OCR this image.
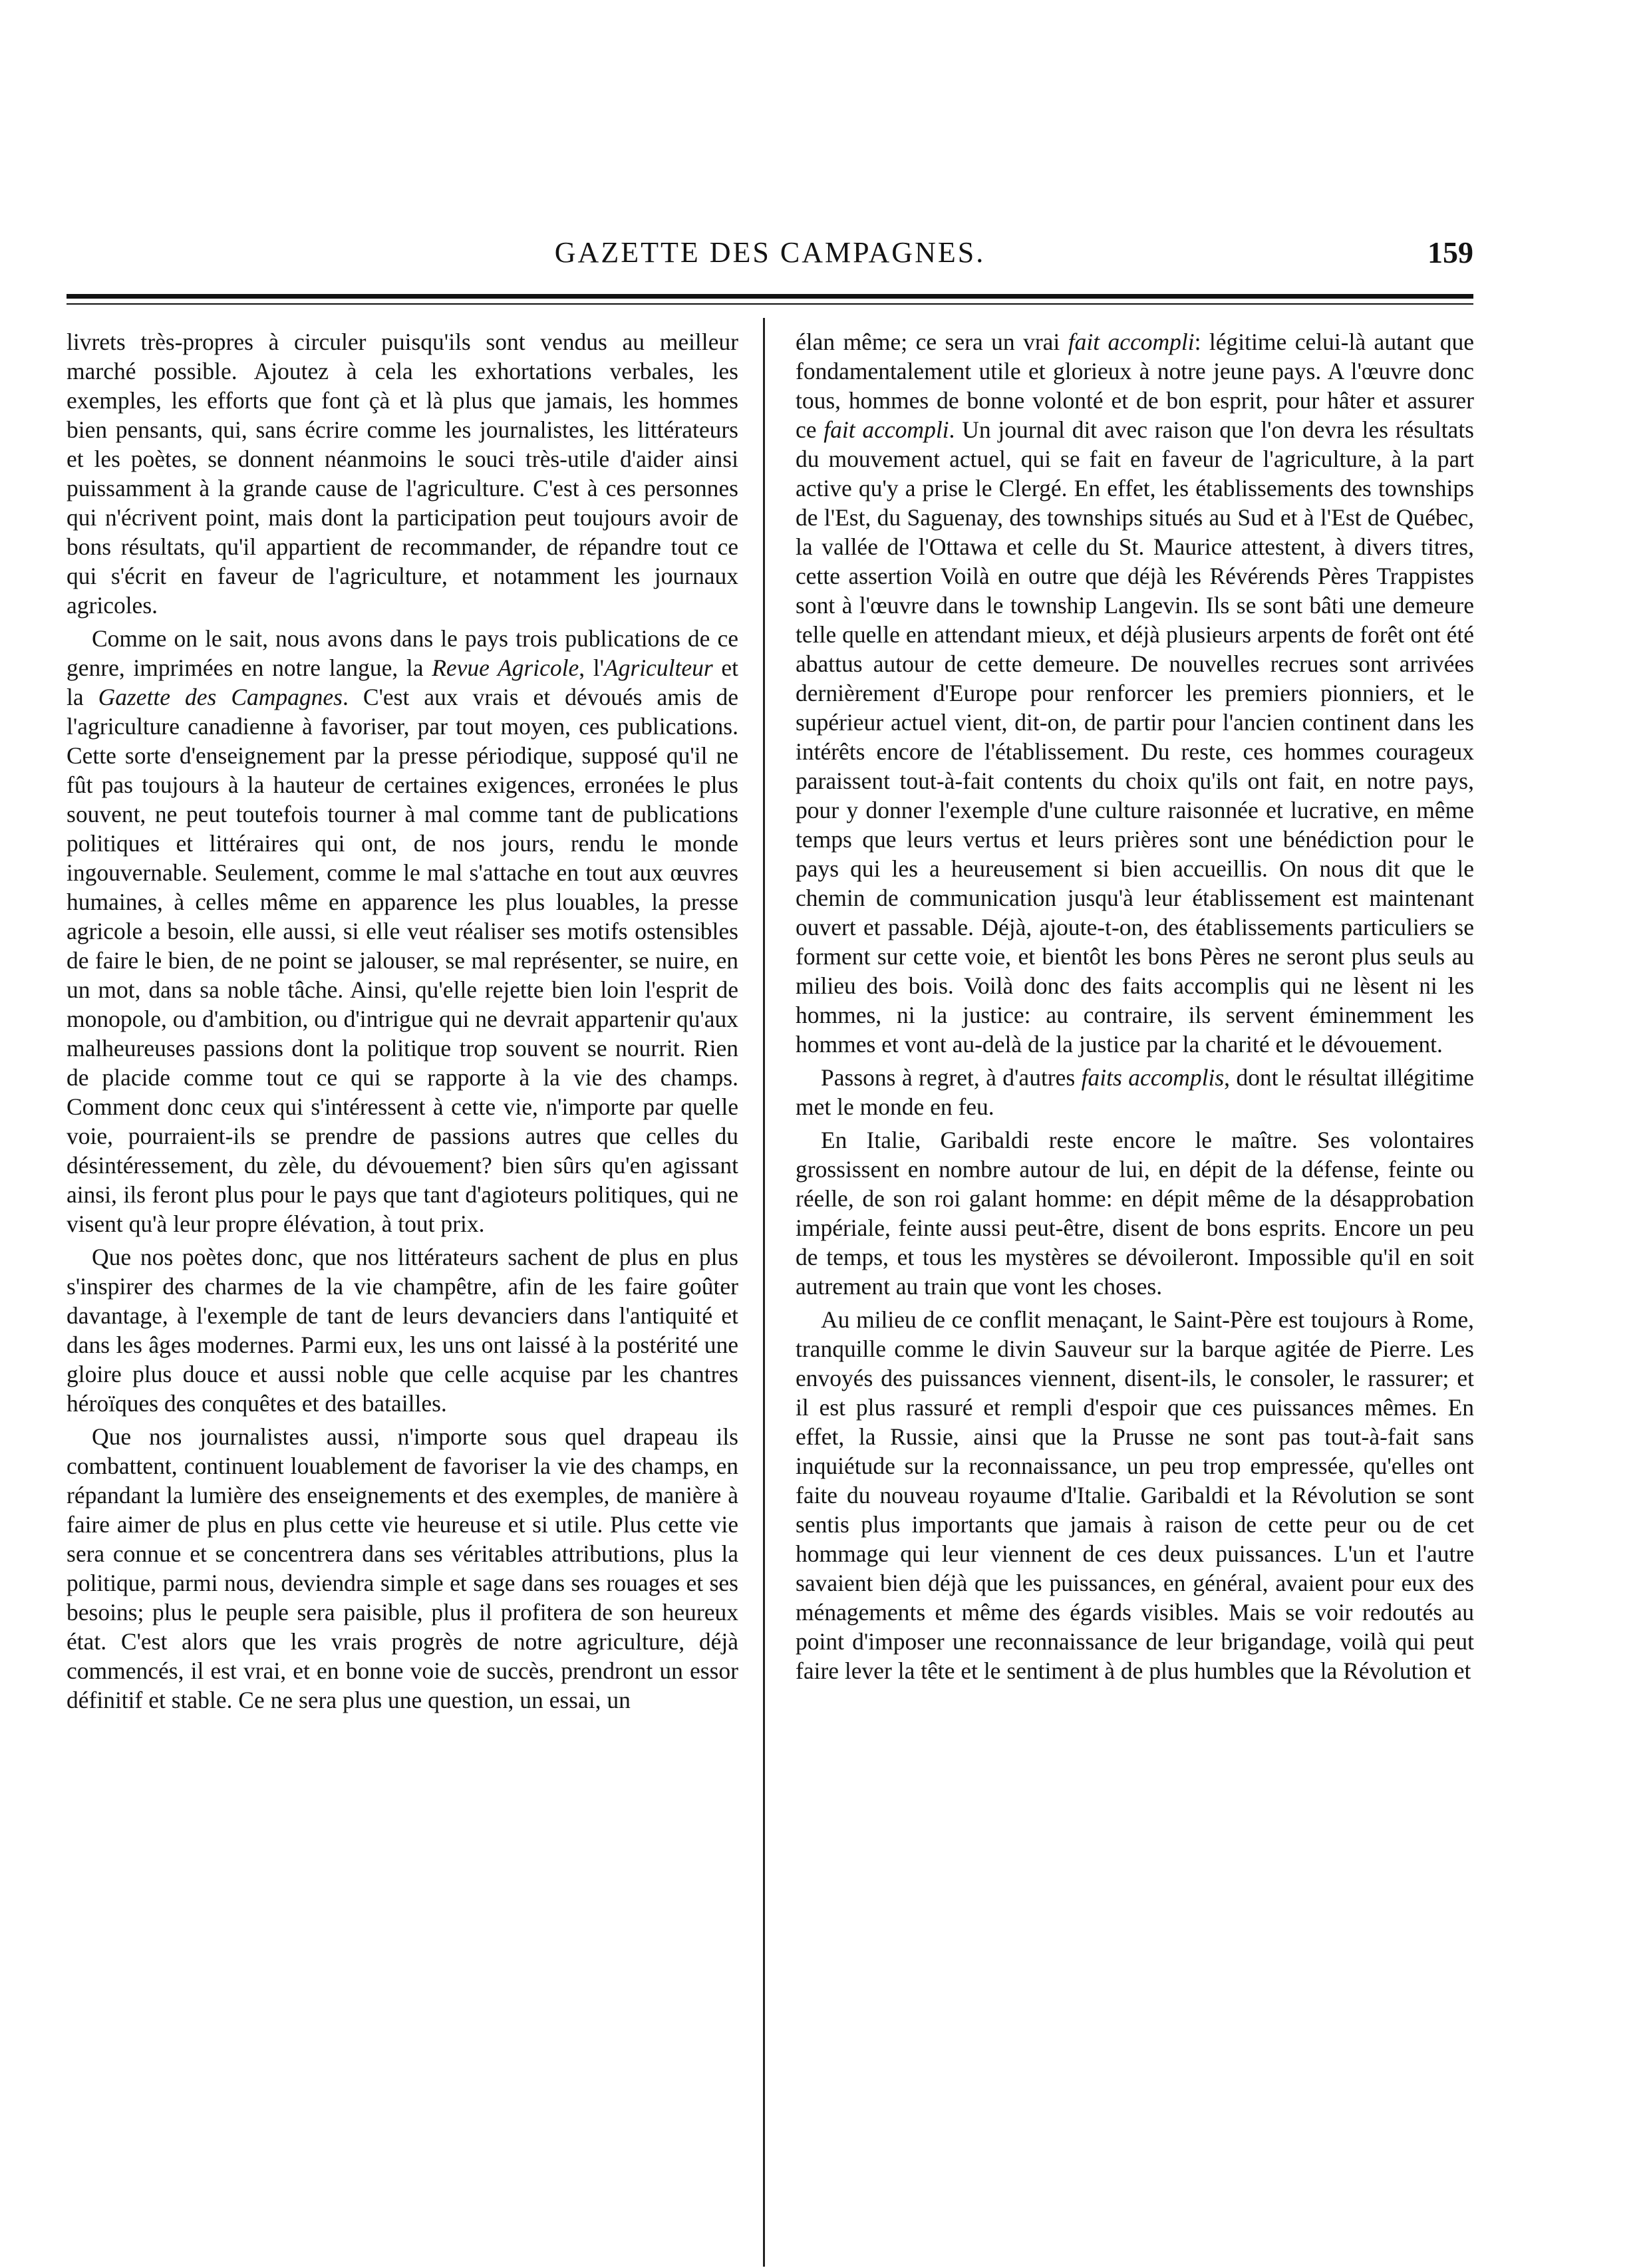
GAZETTE DES CAMPAGNES.	159

livrets très-propres à circuler puisqu'ils sont vendus au meilleur marché possible. Ajoutez à cela les exhortations verbales, les exemples, les efforts que font çà et là plus que jamais, les hommes bien pensants, qui, sans écrire comme les journalistes, les littérateurs et les poètes, se donnent néanmoins le souci très-utile d'aider ainsi puissamment à la grande cause de l'agriculture. C'est à ces personnes qui n'écrivent point, mais dont la participation peut toujours avoir de bons résultats, qu'il appartient de recommander, de répandre tout ce qui s'écrit en faveur de l'agriculture, et notamment les journaux agricoles.

Comme on le sait, nous avons dans le pays trois publications de ce genre, imprimées en notre langue, la Revue Agricole, l'Agriculteur et la Gazette des Campagnes. C'est aux vrais et dévoués amis de l'agriculture canadienne à favoriser, par tout moyen, ces publications. Cette sorte d'enseignement par la presse périodique, supposé qu'il ne fût pas toujours à la hauteur de certaines exigences, erronées le plus souvent, ne peut toutefois tourner à mal comme tant de publications politiques et littéraires qui ont, de nos jours, rendu le monde ingouvernable. Seulement, comme le mal s'attache en tout aux œuvres humaines, à celles même en apparence les plus louables, la presse agricole a besoin, elle aussi, si elle veut réaliser ses motifs ostensibles de faire le bien, de ne point se jalouser, se mal représenter, se nuire, en un mot, dans sa noble tâche. Ainsi, qu'elle rejette bien loin l'esprit de monopole, ou d'ambition, ou d'intrigue qui ne devrait appartenir qu'aux malheureuses passions dont la politique trop souvent se nourrit. Rien de placide comme tout ce qui se rapporte à la vie des champs. Comment donc ceux qui s'intéressent à cette vie, n'importe par quelle voie, pourraient-ils se prendre de passions autres que celles du désintéressement, du zèle, du dévouement? bien sûrs qu'en agissant ainsi, ils feront plus pour le pays que tant d'agioteurs politiques, qui ne visent qu'à leur propre élévation, à tout prix.

Que nos poètes donc, que nos littérateurs sachent de plus en plus s'inspirer des charmes de la vie champêtre, afin de les faire goûter davantage, à l'exemple de tant de leurs devanciers dans l'antiquité et dans les âges modernes. Parmi eux, les uns ont laissé à la postérité une gloire plus douce et aussi noble que celle acquise par les chantres héroïques des conquêtes et des batailles.

Que nos journalistes aussi, n'importe sous quel drapeau ils combattent, continuent louablement de favoriser la vie des champs, en répandant la lumière des enseignements et des exemples, de manière à faire aimer de plus en plus cette vie heureuse et si utile. Plus cette vie sera connue et se concentrera dans ses véritables attributions, plus la politique, parmi nous, deviendra simple et sage dans ses rouages et ses besoins; plus le peuple sera paisible, plus il profitera de son heureux état. C'est alors que les vrais progrès de notre agriculture, déjà commencés, il est vrai, et en bonne voie de succès, prendront un essor définitif et stable. Ce ne sera plus une question, un essai, un

élan même; ce sera un vrai fait accompli: légitime celui-là autant que fondamentalement utile et glorieux à notre jeune pays. A l'œuvre donc tous, hommes de bonne volonté et de bon esprit, pour hâter et assurer ce fait accompli. Un journal dit avec raison que l'on devra les résultats du mouvement actuel, qui se fait en faveur de l'agriculture, à la part active qu'y a prise le Clergé. En effet, les établissements des townships de l'Est, du Saguenay, des townships situés au Sud et à l'Est de Québec, la vallée de l'Ottawa et celle du St. Maurice attestent, à divers titres, cette assertion Voilà en outre que déjà les Révérends Pères Trappistes sont à l'œuvre dans le township Langevin. Ils se sont bâti une demeure telle quelle en attendant mieux, et déjà plusieurs arpents de forêt ont été abattus autour de cette demeure. De nouvelles recrues sont arrivées dernièrement d'Europe pour renforcer les premiers pionniers, et le supérieur actuel vient, dit-on, de partir pour l'ancien continent dans les intérêts encore de l'établissement. Du reste, ces hommes courageux paraissent tout-à-fait contents du choix qu'ils ont fait, en notre pays, pour y donner l'exemple d'une culture raisonnée et lucrative, en même temps que leurs vertus et leurs prières sont une bénédiction pour le pays qui les a heureusement si bien accueillis. On nous dit que le chemin de communication jusqu'à leur établissement est maintenant ouvert et passable. Déjà, ajoute-t-on, des établissements particuliers se forment sur cette voie, et bientôt les bons Pères ne seront plus seuls au milieu des bois. Voilà donc des faits accomplis qui ne lèsent ni les hommes, ni la justice: au contraire, ils servent éminemment les hommes et vont au-delà de la justice par la charité et le dévouement.

Passons à regret, à d'autres faits accomplis, dont le résultat illégitime met le monde en feu.

En Italie, Garibaldi reste encore le maître. Ses volontaires grossissent en nombre autour de lui, en dépit de la défense, feinte ou réelle, de son roi galant homme: en dépit même de la désapprobation impériale, feinte aussi peut-être, disent de bons esprits. Encore un peu de temps, et tous les mystères se dévoileront. Impossible qu'il en soit autrement au train que vont les choses.

Au milieu de ce conflit menaçant, le Saint-Père est toujours à Rome, tranquille comme le divin Sauveur sur la barque agitée de Pierre. Les envoyés des puissances viennent, disent-ils, le consoler, le rassurer; et il est plus rassuré et rempli d'espoir que ces puissances mêmes. En effet, la Russie, ainsi que la Prusse ne sont pas tout-à-fait sans inquiétude sur la reconnaissance, un peu trop empressée, qu'elles ont faite du nouveau royaume d'Italie. Garibaldi et la Révolution se sont sentis plus importants que jamais à raison de cette peur ou de cet hommage qui leur viennent de ces deux puissances. L'un et l'autre savaient bien déjà que les puissances, en général, avaient pour eux des ménagements et même des égards visibles. Mais se voir redoutés au point d'imposer une reconnaissance de leur brigandage, voilà qui peut faire lever la tête et le sentiment à de plus humbles que la Révolution et
